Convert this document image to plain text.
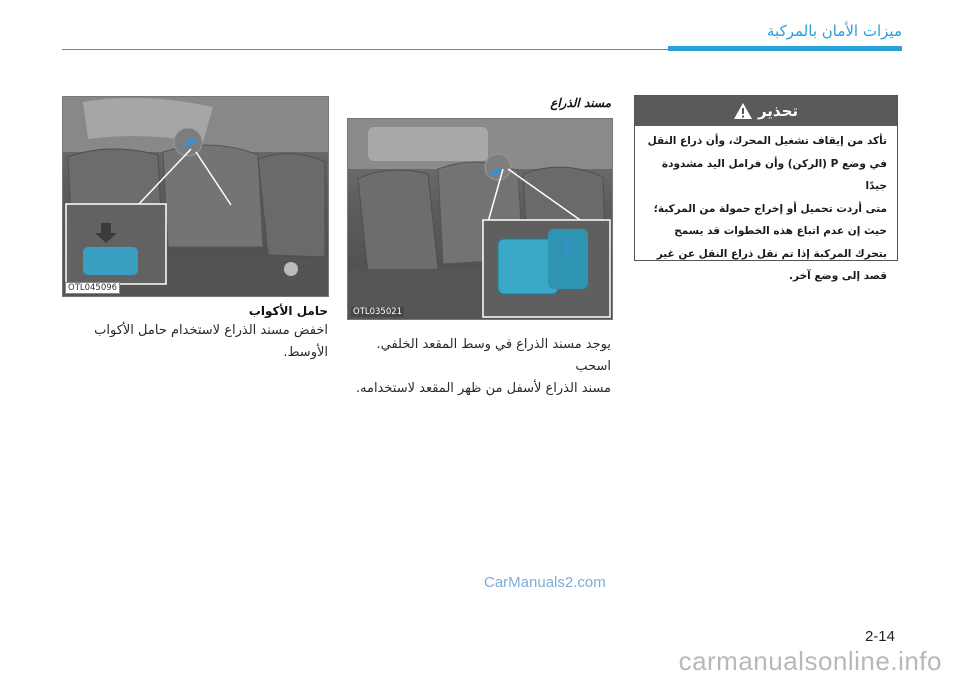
ميزات الأمان بالمركبة
تحذير
تأكد من إيقاف تشغيل المحرك، وأن ذراع النقل
في وضع P (الركن) وأن فرامل اليد مشدودة جيدًا
متى أردت تحميل أو إخراج حمولة من المركبة؛
حيث إن عدم اتباع هذه الخطوات قد يسمح
بتحرك المركبة إذا تم نقل ذراع النقل عن غير
قصد إلى وضع آخر.
مسند الذراع
OTL035021
يوجد مسند الذراع في وسط المقعد الخلفي. اسحب
مسند الذراع لأسفل من ظهر المقعد لاستخدامه.
OTL045096
حامل الأكواب
اخفض مسند الذراع لاستخدام حامل الأكواب
الأوسط.
CarManuals2.com
2-14
carmanualsonline.info
